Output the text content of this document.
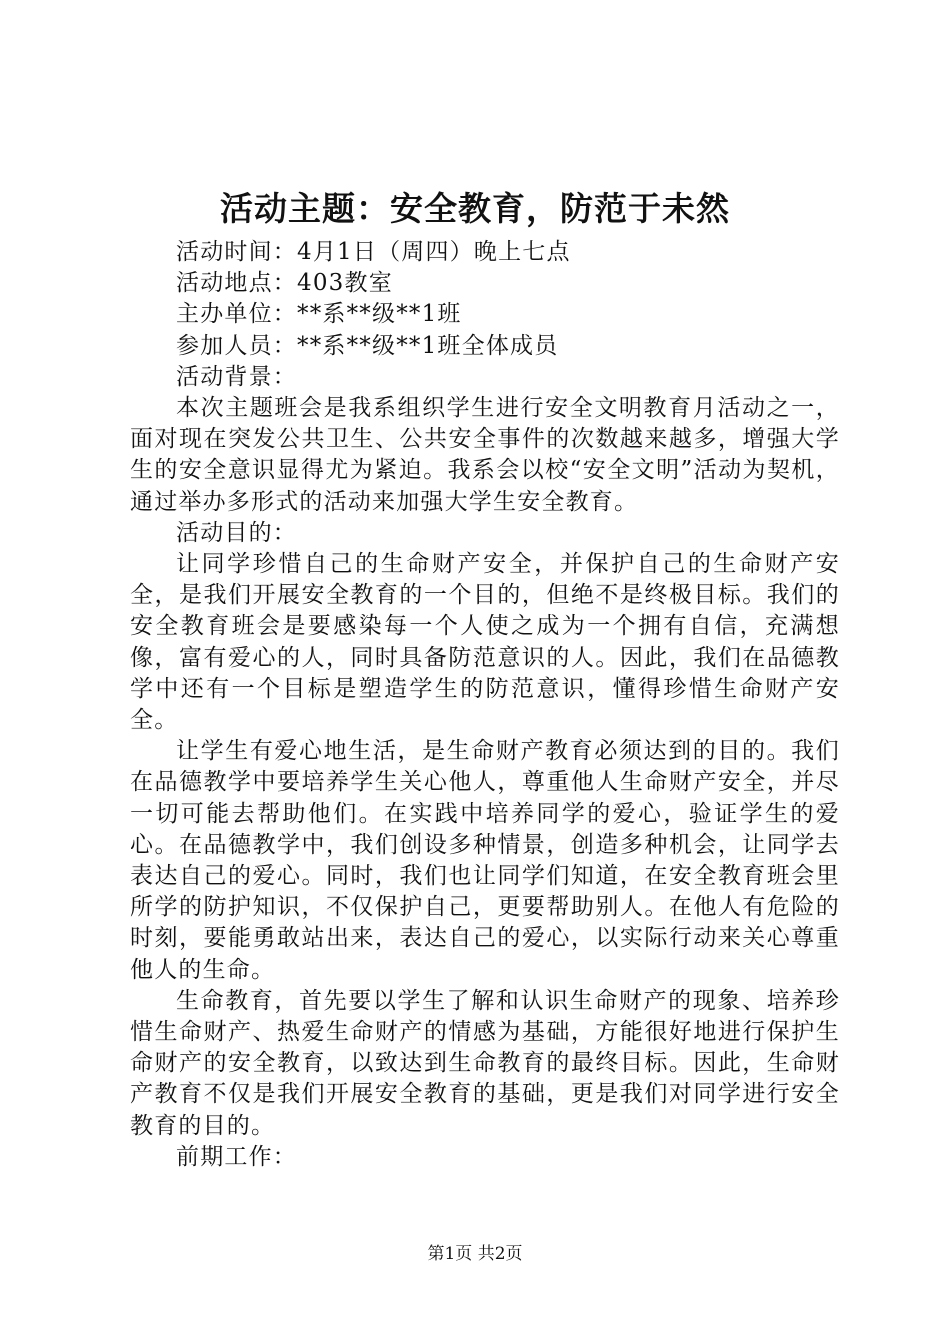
活动主题：安全教育，防范于未然

活动时间：4月1日（周四）晚上七点

活动地点：403教室

主办单位：**系**级**1班

参加人员：**系**级**1班全体成员

活动背景：

本次主题班会是我系组织学生进行安全文明教育月活动之一，面对现在突发公共卫生、公共安全事件的次数越来越多，增强大学生的安全意识显得尤为紧迫。我系会以校“安全文明”活动为契机，通过举办多形式的活动来加强大学生安全教育。

活动目的：

让同学珍惜自己的生命财产安全，并保护自己的生命财产安全，是我们开展安全教育的一个目的，但绝不是终极目标。我们的安全教育班会是要感染每一个人使之成为一个拥有自信，充满想像，富有爱心的人，同时具备防范意识的人。因此，我们在品德教学中还有一个目标是塑造学生的防范意识，懂得珍惜生命财产安全。

让学生有爱心地生活，是生命财产教育必须达到的目的。我们在品德教学中要培养学生关心他人，尊重他人生命财产安全，并尽一切可能去帮助他们。在实践中培养同学的爱心，验证学生的爱心。在品德教学中，我们创设多种情景，创造多种机会，让同学去表达自己的爱心。同时，我们也让同学们知道，在安全教育班会里所学的防护知识，不仅保护自己，更要帮助别人。在他人有危险的时刻，要能勇敢站出来，表达自己的爱心，以实际行动来关心尊重他人的生命。

生命教育，首先要以学生了解和认识生命财产的现象、培养珍惜生命财产、热爱生命财产的情感为基础，方能很好地进行保护生命财产的安全教育，以致达到生命教育的最终目标。因此，生命财产教育不仅是我们开展安全教育的基础，更是我们对同学进行安全教育的目的。

前期工作：

第1页 共2页
